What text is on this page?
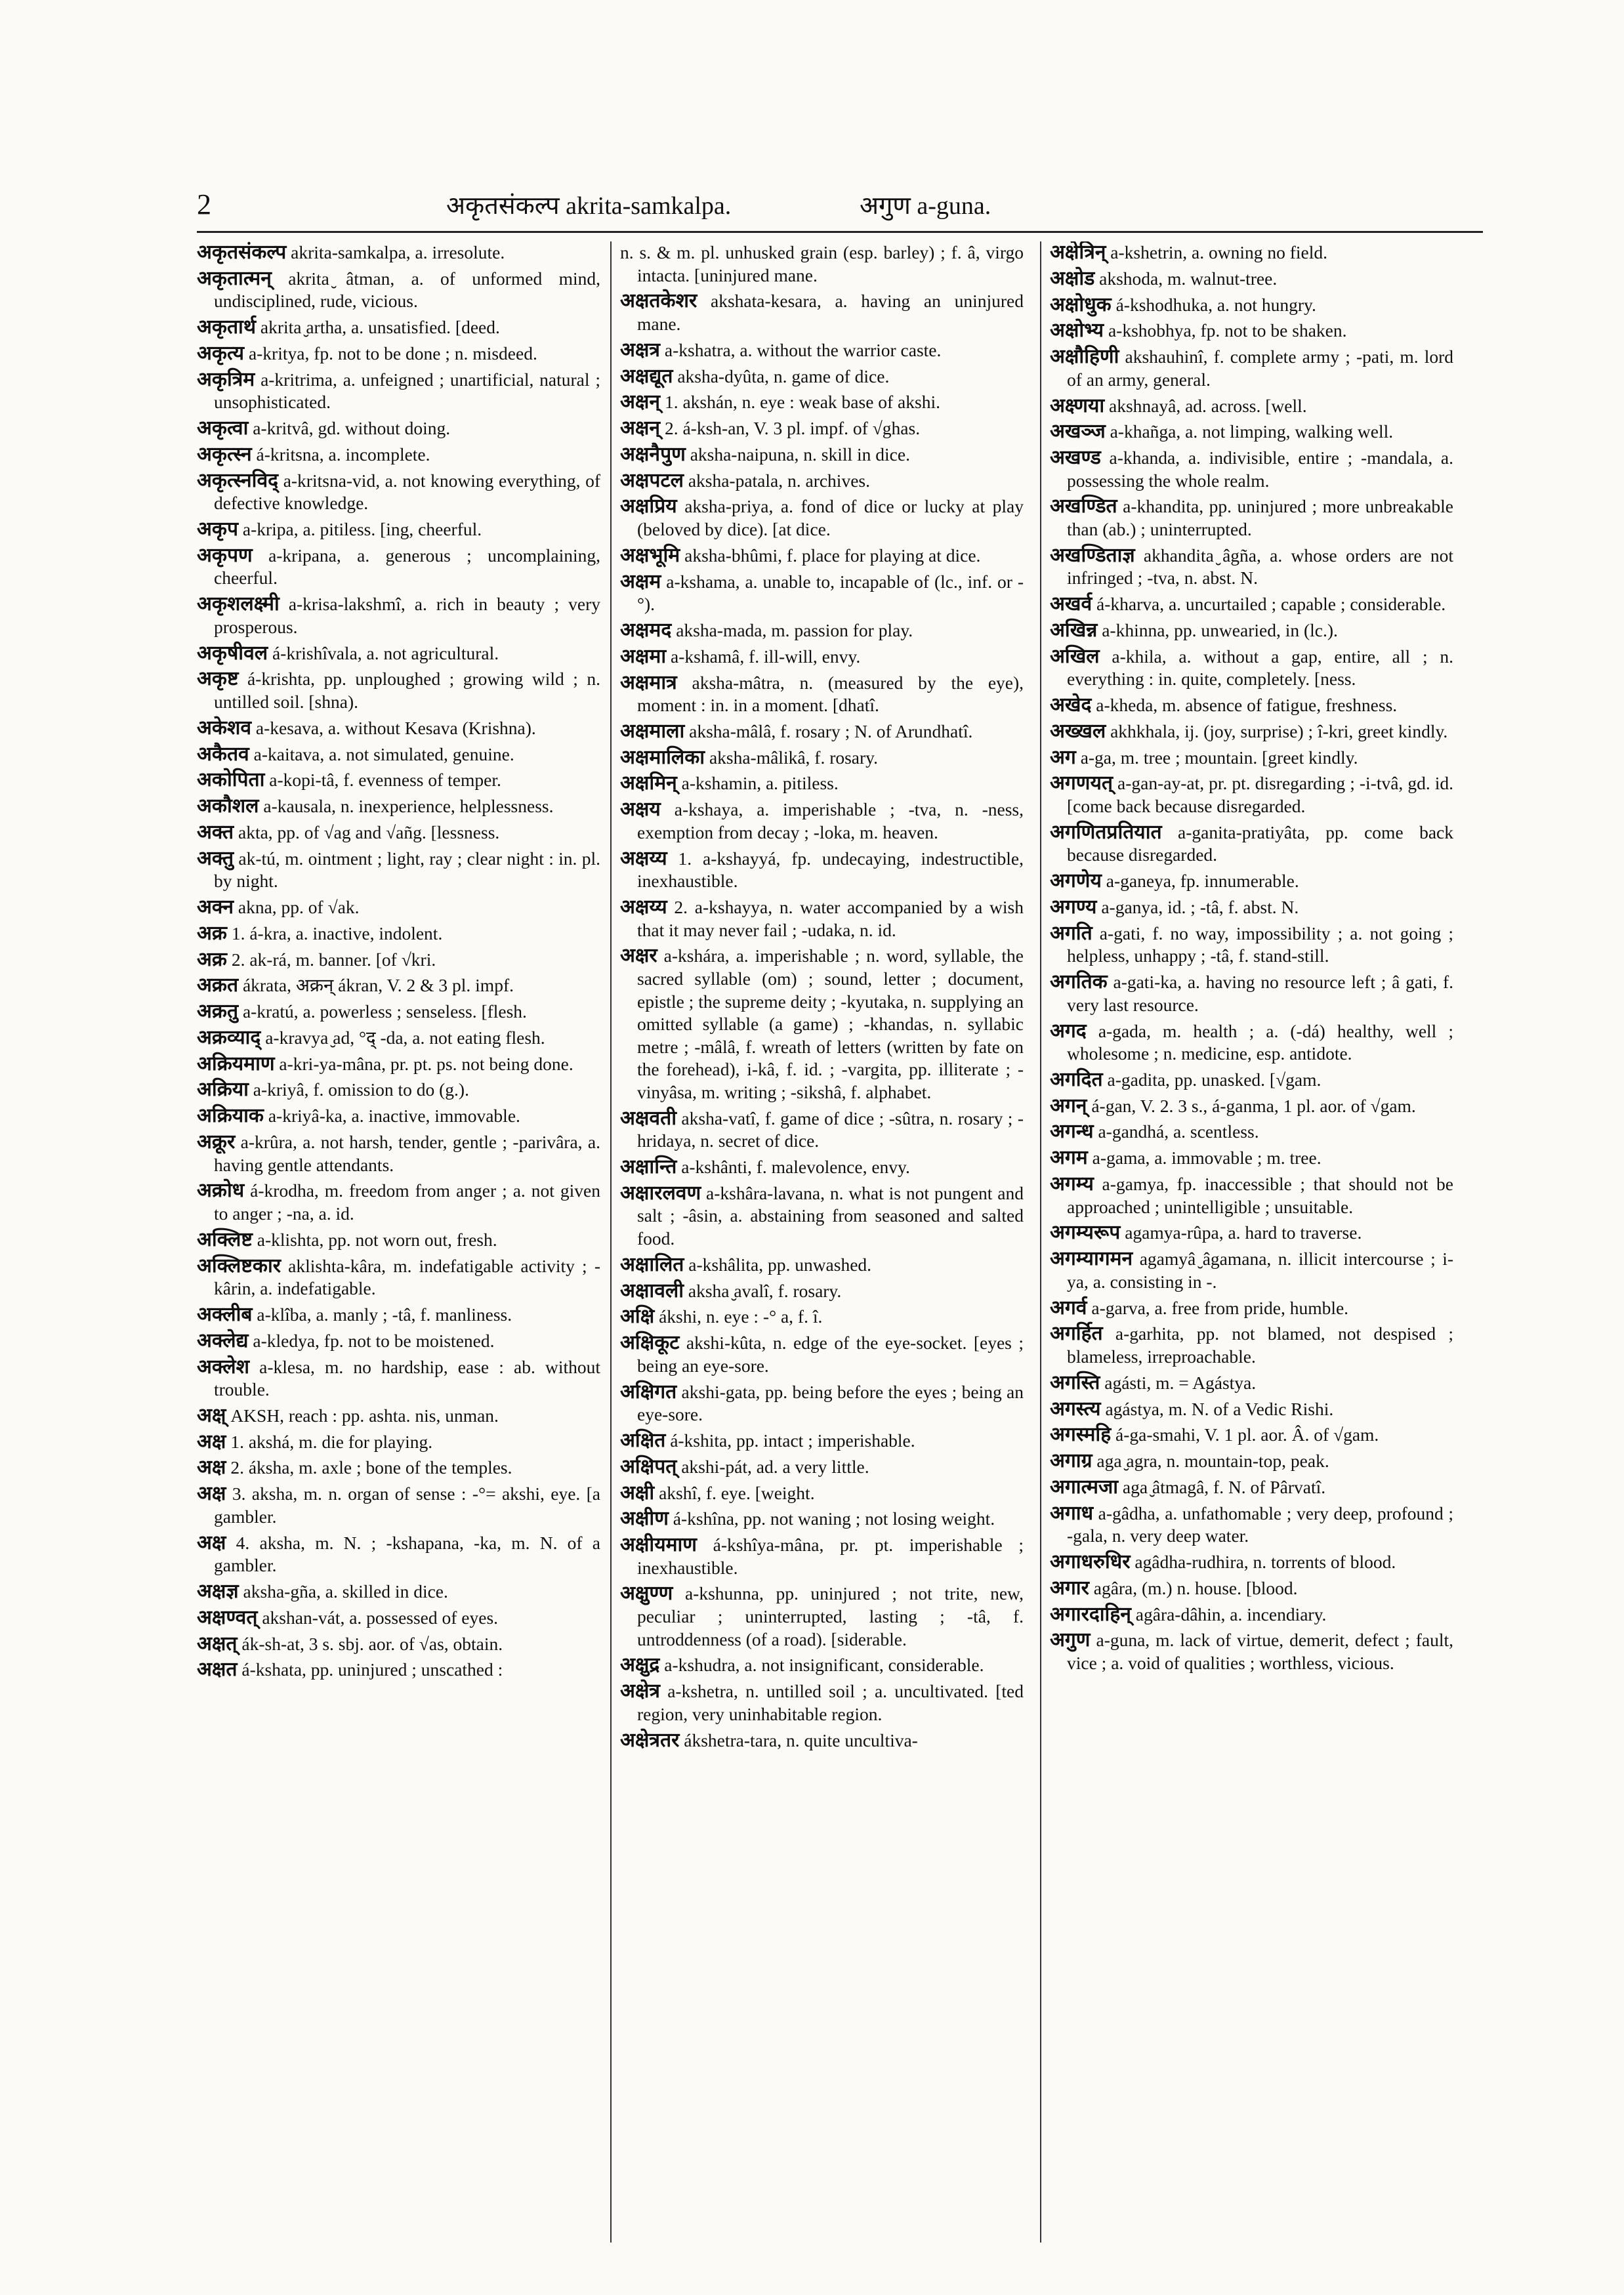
2	अकृतसंकल्प akrita-samkalpa.	अगुण a-guna.
अकृतसंकल्प akrita-samkalpa, a. irresolute.
अकृतात्मन् akrita ̮âtman, a. of unformed mind, undisciplined, rude, vicious.
अकृतार्थ akrita ̮artha, a. unsatisfied. [deed.
अकृत्य a-kritya, fp. not to be done ; n. misdeed.
अकृत्रिम a-kritrima, a. unfeigned ; unartificial, natural ; unsophisticated.
अकृत्वा a-kritvâ, gd. without doing.
अकृत्स्न á-kritsna, a. incomplete.
अकृत्स्नविद् a-kritsna-vid, a. not knowing everything, of defective knowledge.
अकृप a-kripa, a. pitiless. [ing, cheerful.
अकृपण a-kripana, a. generous ; uncomplaining, cheerful.
अकृशलक्ष्मी a-krisa-lakshmî, a. rich in beauty ; very prosperous.
अकृषीवल á-krishîvala, a. not agricultural.
अकृष्ट á-krishta, pp. unploughed ; growing wild ; n. untilled soil. [shna).
अकेशव a-kesava, a. without Kesava (Krishna).
अकैतव a-kaitava, a. not simulated, genuine.
अकोपिता a-kopi-tâ, f. evenness of temper.
अकौशल a-kausala, n. inexperience, helplessness.
अक्त akta, pp. of √ag and √añg. [lessness.
अक्तु ak-tú, m. ointment ; light, ray ; clear night : in. pl. by night.
अक्न akna, pp. of √ak.
अक्र 1. á-kra, a. inactive, indolent.
अक्र 2. ak-rá, m. banner. [of √kri.
अक्रत ákrata, अक्रन् ákran, V. 2 & 3 pl. impf.
अक्रतु a-kratú, a. powerless ; senseless. [flesh.
अक्रव्याद् a-kravya ̮ad, °द् -da, a. not eating flesh.
अक्रियमाण a-kri-ya-mâna, pr. pt. ps. not being done.
अक्रिया a-kriyâ, f. omission to do (g.).
अक्रियाक a-kriyâ-ka, a. inactive, immovable.
अक्रूर a-krûra, a. not harsh, tender, gentle ; -parivâra, a. having gentle attendants.
अक्रोध á-krodha, m. freedom from anger ; a. not given to anger ; -na, a. id.
अक्लिष्ट a-klishta, pp. not worn out, fresh.
अक्लिष्टकार aklishta-kâra, m. indefatigable activity ; -kârin, a. indefatigable.
अक्लीब a-klîba, a. manly ; -tâ, f. manliness.
अक्लेद्य a-kledya, fp. not to be moistened.
अक्लेश a-klesa, m. no hardship, ease : ab. without trouble.
अक्ष् AKSH, reach : pp. ashta. nis, unman.
अक्ष 1. akshá, m. die for playing.
अक्ष 2. áksha, m. axle ; bone of the temples.
अक्ष 3. aksha, m. n. organ of sense : -°= akshi, eye. [a gambler.
अक्ष 4. aksha, m. N. ; -kshapana, -ka, m. N. of a gambler.
अक्षज्ञ aksha-gña, a. skilled in dice.
अक्षण्वत् akshan-vát, a. possessed of eyes.
अक्षत् ák-sh-at, 3 s. sbj. aor. of √as, obtain.
अक्षत á-kshata, pp. uninjured ; unscathed :
n. s. & m. pl. unhusked grain (esp. barley) ; f. â, virgo intacta. [uninjured mane.
अक्षतकेशर akshata-kesara, a. having an uninjured mane.
अक्षत्र a-kshatra, a. without the warrior caste.
अक्षद्यूत aksha-dyûta, n. game of dice.
अक्षन् 1. akshán, n. eye : weak base of akshi.
अक्षन् 2. á-ksh-an, V. 3 pl. impf. of √ghas.
अक्षनैपुण aksha-naipuna, n. skill in dice.
अक्षपटल aksha-patala, n. archives.
अक्षप्रिय aksha-priya, a. fond of dice or lucky at play (beloved by dice). [at dice.
अक्षभूमि aksha-bhûmi, f. place for playing at dice.
अक्षम a-kshama, a. unable to, incapable of (lc., inf. or -°).
अक्षमद aksha-mada, m. passion for play.
अक्षमा a-kshamâ, f. ill-will, envy.
अक्षमात्र aksha-mâtra, n. (measured by the eye), moment : in. in a moment. [dhatî.
अक्षमाला aksha-mâlâ, f. rosary ; N. of Arundhatî.
अक्षमालिका aksha-mâlikâ, f. rosary.
अक्षमिन् a-kshamin, a. pitiless.
अक्षय a-kshaya, a. imperishable ; -tva, n. -ness, exemption from decay ; -loka, m. heaven.
अक्षय्य 1. a-kshayyá, fp. undecaying, indestructible, inexhaustible.
अक्षय्य 2. a-kshayya, n. water accompanied by a wish that it may never fail ; -udaka, n. id.
अक्षर a-kshára, a. imperishable ; n. word, syllable, the sacred syllable (om) ; sound, letter ; document, epistle ; the supreme deity ; -kyutaka, n. supplying an omitted syllable (a game) ; -khandas, n. syllabic metre ; -mâlâ, f. wreath of letters (written by fate on the forehead), i-kâ, f. id. ; -vargita, pp. illiterate ; -vinyâsa, m. writing ; -sikshâ, f. alphabet.
अक्षवती aksha-vatî, f. game of dice ; -sûtra, n. rosary ; -hridaya, n. secret of dice.
अक्षान्ति a-kshânti, f. malevolence, envy.
अक्षारलवण a-kshâra-lavana, n. what is not pungent and salt ; -âsin, a. abstaining from seasoned and salted food.
अक्षालित a-kshâlita, pp. unwashed.
अक्षावली aksha ̮avalî, f. rosary.
अक्षि ákshi, n. eye : -° a, f. î.
अक्षिकूट akshi-kûta, n. edge of the eye-socket. [eyes ; being an eye-sore.
अक्षिगत akshi-gata, pp. being before the eyes ; being an eye-sore.
अक्षित á-kshita, pp. intact ; imperishable.
अक्षिपत् akshi-pát, ad. a very little.
अक्षी akshî, f. eye. [weight.
अक्षीण á-kshîna, pp. not waning ; not losing weight.
अक्षीयमाण á-kshîya-mâna, pr. pt. imperishable ; inexhaustible.
अक्षुण्ण a-kshunna, pp. uninjured ; not trite, new, peculiar ; uninterrupted, lasting ; -tâ, f. untroddenness (of a road). [siderable.
अक्षुद्र a-kshudra, a. not insignificant, considerable.
अक्षेत्र a-kshetra, n. untilled soil ; a. uncultivated. [ted region, very uninhabitable region.
अक्षेत्रतर ákshetra-tara, n. quite uncultiva-
अक्षेत्रिन् a-kshetrin, a. owning no field.
अक्षोड akshoda, m. walnut-tree.
अक्षोधुक á-kshodhuka, a. not hungry.
अक्षोभ्य a-kshobhya, fp. not to be shaken.
अक्षौहिणी akshauhinî, f. complete army ; -pati, m. lord of an army, general.
अक्ष्णया akshnayâ, ad. across. [well.
अखञ्ज a-khañga, a. not limping, walking well.
अखण्ड a-khanda, a. indivisible, entire ; -mandala, a. possessing the whole realm.
अखण्डित a-khandita, pp. uninjured ; more unbreakable than (ab.) ; uninterrupted.
अखण्डिताज्ञ akhandita ̮âgña, a. whose orders are not infringed ; -tva, n. abst. N.
अखर्व á-kharva, a. uncurtailed ; capable ; considerable.
अखिन्न a-khinna, pp. unwearied, in (lc.).
अखिल a-khila, a. without a gap, entire, all ; n. everything : in. quite, completely. [ness.
अखेद a-kheda, m. absence of fatigue, freshness.
अख्खल akhkhala, ij. (joy, surprise) ; î-kri, greet kindly.
अग a-ga, m. tree ; mountain. [greet kindly.
अगणयत् a-gan-ay-at, pr. pt. disregarding ; -i-tvâ, gd. id. [come back because disregarded.
अगणितप्रतियात a-ganita-pratiyâta, pp. come back because disregarded.
अगणेय a-ganeya, fp. innumerable.
अगण्य a-ganya, id. ; -tâ, f. abst. N.
अगति a-gati, f. no way, impossibility ; a. not going ; helpless, unhappy ; -tâ, f. stand-still.
अगतिक a-gati-ka, a. having no resource left ; â gati, f. very last resource.
अगद a-gada, m. health ; a. (-dá) healthy, well ; wholesome ; n. medicine, esp. antidote.
अगदित a-gadita, pp. unasked. [√gam.
अगन् á-gan, V. 2. 3 s., á-ganma, 1 pl. aor. of √gam.
अगन्ध a-gandhá, a. scentless.
अगम a-gama, a. immovable ; m. tree.
अगम्य a-gamya, fp. inaccessible ; that should not be approached ; unintelligible ; unsuitable.
अगम्यरूप agamya-rûpa, a. hard to traverse.
अगम्यागमन agamyâ ̮âgamana, n. illicit intercourse ; i-ya, a. consisting in -.
अगर्व a-garva, a. free from pride, humble.
अगर्हित a-garhita, pp. not blamed, not despised ; blameless, irreproachable.
अगस्ति agásti, m. = Agástya.
अगस्त्य agástya, m. N. of a Vedic Rishi.
अगस्महि á-ga-smahi, V. 1 pl. aor. Â. of √gam.
अगाग्र aga ̮agra, n. mountain-top, peak.
अगात्मजा aga ̮âtmagâ, f. N. of Pârvatî.
अगाध a-gâdha, a. unfathomable ; very deep, profound ; -gala, n. very deep water.
अगाधरुधिर agâdha-rudhira, n. torrents of blood.
अगार agâra, (m.) n. house. [blood.
अगारदाहिन् agâra-dâhin, a. incendiary.
अगुण a-guna, m. lack of virtue, demerit, defect ; fault, vice ; a. void of qualities ; worthless, vicious.
